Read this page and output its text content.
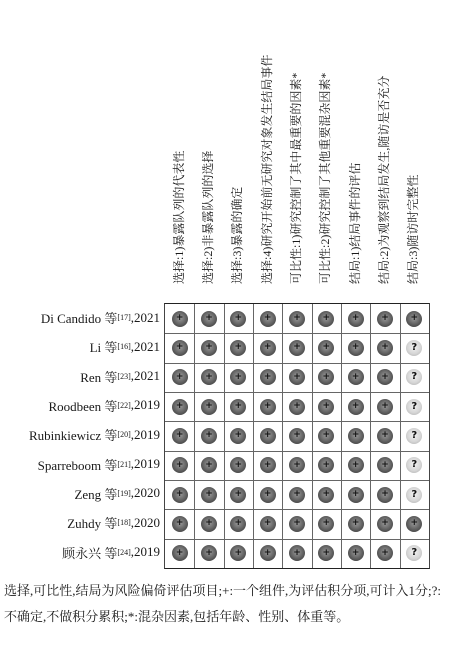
选择:1)暴露队列的代表性 选择:2)非暴露队列的选择 选择:3)暴露的确定 选择:4)研究开始前无研究对象发生结局事件 可比性:1)研究控制了其中最重要的因素* 可比性:2)研究控制了其他重要混杂因素* 结局:1)结局事件的评估 结局:2)为观察到结局发生,随访是否充分 结局:3)随访时完整性
+ + + + + + + + +
+ + + + + + + + ?
+ + + + + + + + ?
+ + + + + + + + ?
+ + + + + + + + ?
+ + + + + + + + ?
+ + + + + + + + ?
+ + + + + + + + +
+ + + + + + + + ?
Di Candido 等 [17] ,2021
Li 等 [16] ,2021
Ren 等 [23] ,2021
Roodbeen 等 [22] ,2019
Rubinkiewicz 等 [20] ,2019
Sparreboom 等 [21] ,2019
Zeng 等 [19] ,2020
Zuhdy 等 [18] ,2020
顾永兴 等 [24] ,2019
选择,可比性,结局为风险偏倚评估项目;+:一个组件,为评估积分项,可计入1分;?:不确定,不做积分累积;*:混杂因素,包括年龄、性别、体重等。
